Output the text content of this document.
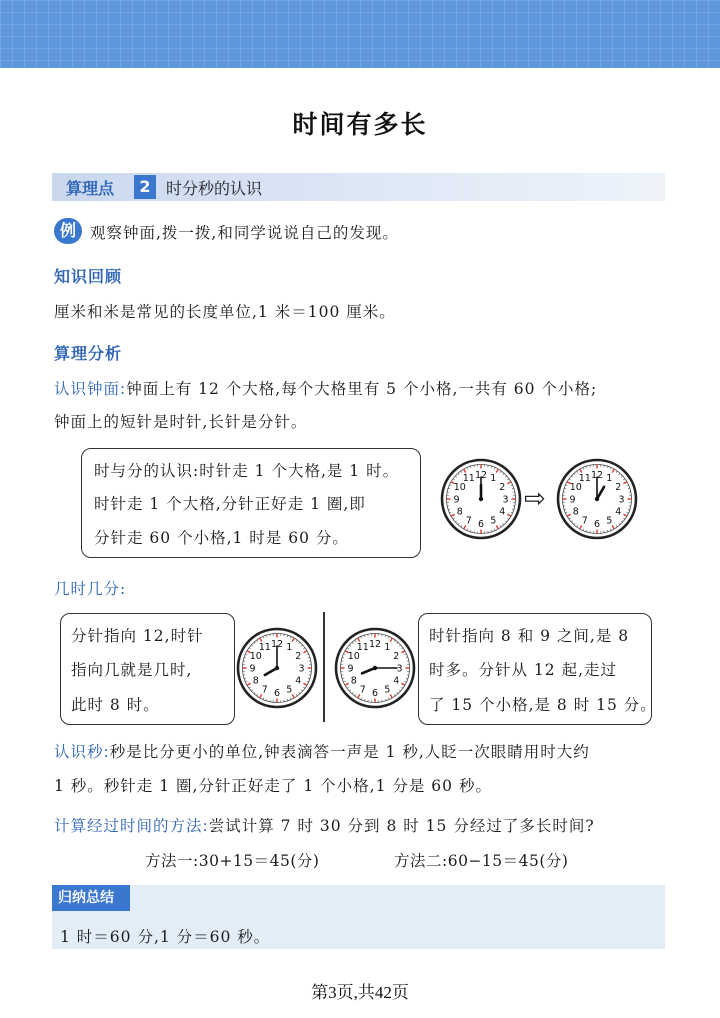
时间有多长
算理点	2 时分秒的认识
例 观察钟面,拨一拨,和同学说说自己的发现。
知识回顾
厘米和米是常见的长度单位,1 米＝100 厘米。
算理分析
认识钟面:钟面上有 12 个大格,每个大格里有 5 个小格,一共有 60 个小格;
钟面上的短针是时针,长针是分针。
时与分的认识:时针走 1 个大格,是 1 时。
时针走 1 个大格,分针正好走 1 圈,即
分针走 60 个小格,1 时是 60 分。
12 1
2
3
4
5
6
7
8
9
10
11
⇨
12 1
2
3
4
5
6
7
8
9
10
11
几时几分:
分针指向 12,时针
指向几就是几时,
此时 8 时。
12 1
2
3
4
5
6
7
8
9
10
11	12 1
2
3
4
5
6
7
8
9
10
11
时针指向 8 和 9 之间,是 8
时多。分针从 12 起,走过
了 15 个小格,是 8 时 15 分。
认识秒:秒是比分更小的单位,钟表滴答一声是 1 秒,人眨一次眼睛用时大约
1 秒。秒针走 1 圈,分针正好走了 1 个小格,1 分是 60 秒。
计算经过时间的方法:尝试计算 7 时 30 分到 8 时 15 分经过了多长时间?
方法一:30+15＝45(分)	方法二:60−15＝45(分)
归纳总结
1 时＝60 分,1 分＝60 秒。
第3页,共42页
